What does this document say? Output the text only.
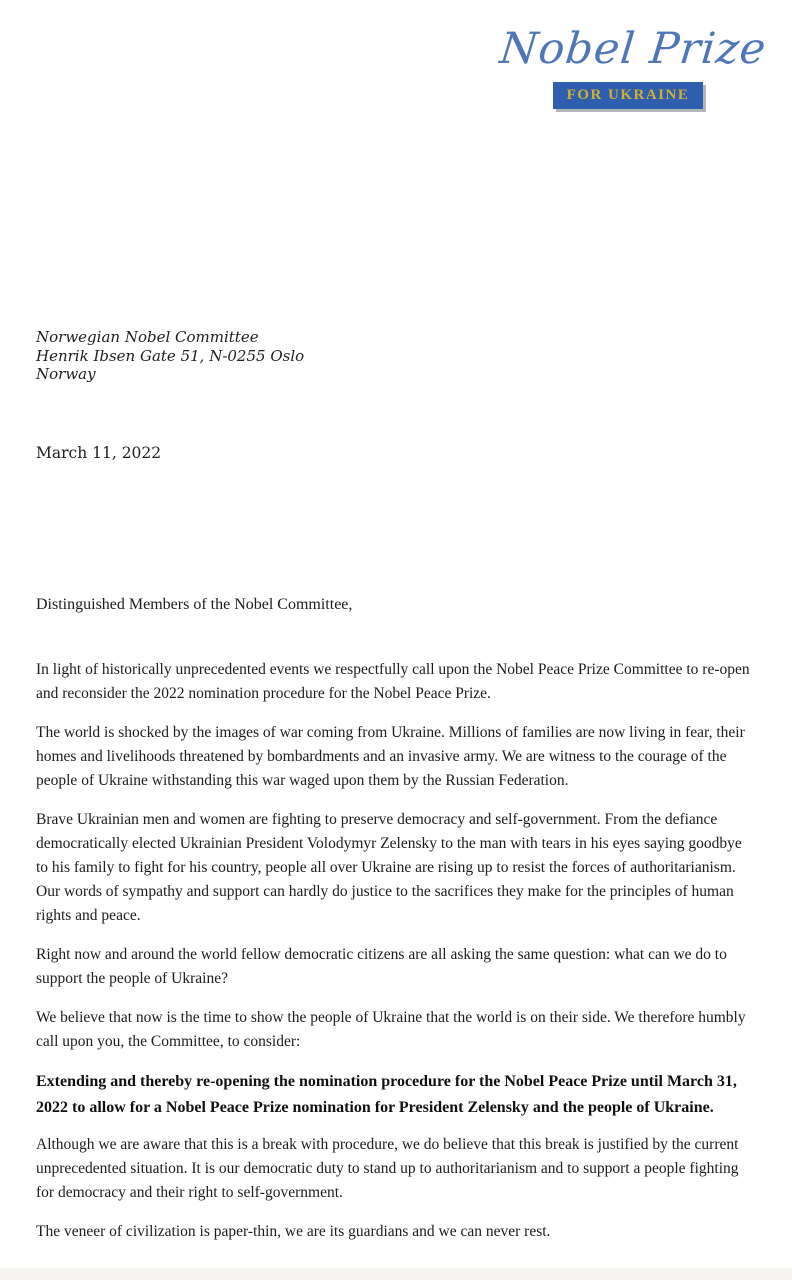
Nobel Prize
FOR UKRAINE
Norwegian Nobel Committee
Henrik Ibsen Gate 51, N-0255 Oslo
Norway
March 11, 2022
Distinguished Members of the Nobel Committee,

In light of historically unprecedented events we respectfully call upon the Nobel Peace Prize Committee to re-open and reconsider the 2022 nomination procedure for the Nobel Peace Prize.

The world is shocked by the images of war coming from Ukraine. Millions of families are now living in fear, their homes and livelihoods threatened by bombardments and an invasive army. We are witness to the courage of the people of Ukraine withstanding this war waged upon them by the Russian Federation.

Brave Ukrainian men and women are fighting to preserve democracy and self-government. From the defiance democratically elected Ukrainian President Volodymyr Zelensky to the man with tears in his eyes saying goodbye to his family to fight for his country, people all over Ukraine are rising up to resist the forces of authoritarianism. Our words of sympathy and support can hardly do justice to the sacrifices they make for the principles of human rights and peace.

Right now and around the world fellow democratic citizens are all asking the same question: what can we do to support the people of Ukraine?

We believe that now is the time to show the people of Ukraine that the world is on their side. We therefore humbly call upon you, the Committee, to consider:

Extending and thereby re-opening the nomination procedure for the Nobel Peace Prize until March 31, 2022 to allow for a Nobel Peace Prize nomination for President Zelensky and the people of Ukraine.

Although we are aware that this is a break with procedure, we do believe that this break is justified by the current unprecedented situation. It is our democratic duty to stand up to authoritarianism and to support a people fighting for democracy and their right to self-government.

The veneer of civilization is paper-thin, we are its guardians and we can never rest.
